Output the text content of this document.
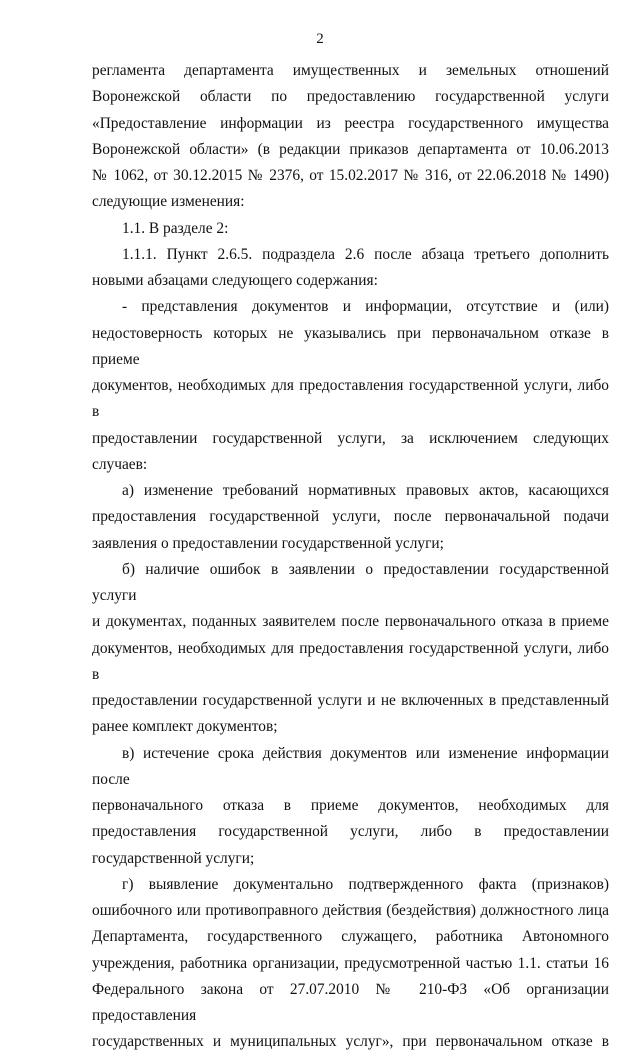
2
регламента департамента имущественных и земельных отношений
Воронежской области по предоставлению государственной услуги
«Предоставление информации из реестра государственного имущества
Воронежской области» (в редакции приказов департамента от 10.06.2013
№ 1062, от 30.12.2015 № 2376, от 15.02.2017 № 316, от 22.06.2018 № 1490)
следующие изменения:
1.1. В разделе 2:
1.1.1. Пункт 2.6.5. подраздела 2.6 после абзаца третьего дополнить
новыми абзацами следующего содержания:
- представления документов и информации, отсутствие и (или)
недостоверность которых не указывались при первоначальном отказе в приеме
документов, необходимых для предоставления государственной услуги, либо в
предоставлении государственной услуги, за исключением следующих случаев:
а) изменение требований нормативных правовых актов, касающихся
предоставления государственной услуги, после первоначальной подачи
заявления о предоставлении государственной услуги;
б) наличие ошибок в заявлении о предоставлении государственной услуги
и документах, поданных заявителем после первоначального отказа в приеме
документов, необходимых для предоставления государственной услуги, либо в
предоставлении государственной услуги и не включенных в представленный
ранее комплект документов;
в) истечение срока действия документов или изменение информации после
первоначального отказа в приеме документов, необходимых для
предоставления государственной услуги, либо в предоставлении
государственной услуги;
г) выявление документально подтвержденного факта (признаков)
ошибочного или противоправного действия (бездействия) должностного лица
Департамента, государственного служащего, работника Автономного
учреждения, работника организации, предусмотренной частью 1.1. статьи 16
Федерального закона от 27.07.2010 № 210-ФЗ «Об организации предоставления
государственных и муниципальных услуг», при первоначальном отказе в
